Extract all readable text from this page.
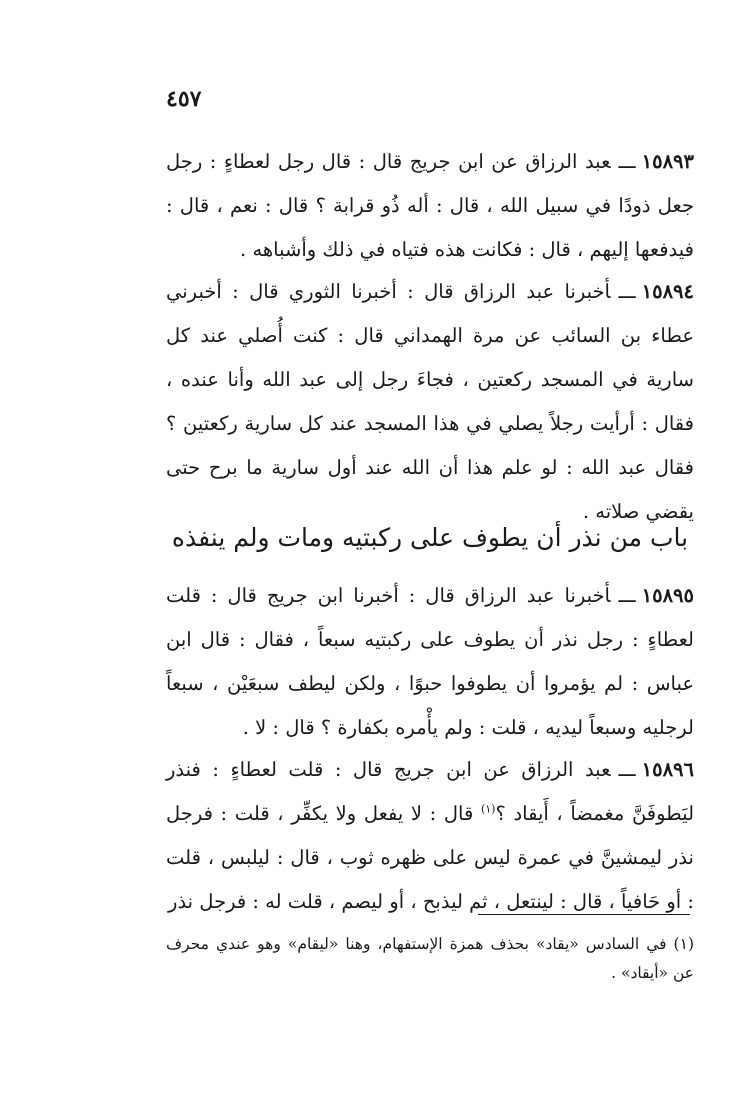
٤٥٧

١٥٨٩٣ـــعبد الرزاق عن ابن جريج قال : قال رجل لعطاءٍ : رجل جعل ذودًا في سبيل الله ، قال : أله ذُو قرابة ؟ قال : نعم ، قال : فيدفعها إليهم ، قال : فكانت هذه فتياه في ذلك وأشباهه .

١٥٨٩٤ـــأخبرنا عبد الرزاق قال : أخبرنا الثوري قال : أخبرني عطاء بن السائب عن مرة الهمداني قال : كنت أُصلي عند كل سارية في المسجد ركعتين ، فجاءَ رجل إلى عبد الله وأنا عنده ، فقال : أرأيت رجلاً يصلي في هذا المسجد عند كل سارية ركعتين ؟ فقال عبد الله : لو علم هذا أن الله عند أول سارية ما برح حتى يقضي صلاته .

باب من نذر أن يطوف على ركبتيه ومات ولم ينفذه

١٥٨٩٥ـــأخبرنا عبد الرزاق قال : أخبرنا ابن جريج قال : قلت لعطاءٍ : رجل نذر أن يطوف على ركبتيه سبعاً ، فقال : قال ابن عباس : لم يؤمروا أن يطوفوا حبوًا ، ولكن ليطف سبعَيْن ، سبعاً لرجليه وسبعاً ليديه ، قلت : ولم يأْمره بكفارة ؟ قال : لا .

١٥٨٩٦ـــعبد الرزاق عن ابن جريج قال : قلت لعطاءٍ : فنذر ليَطوفَنَّ مغمضاً ، أَيقاد ؟$^{(١)}$ قال : لا يفعل ولا يكفِّر ، قلت : فرجل نذر ليمشينَّ في عمرة ليس على ظهره ثوب ، قال : ليلبس ، قلت : أو حَافياً ، قال : لينتعل ، ثم ليذبح ، أو ليصم ، قلت له : فرجل نذر

(١) في السادس «يقاد» بحذف همزة الإستفهام، وهنا «ليقام» وهو عندي محرف عن «أيقاد» .
